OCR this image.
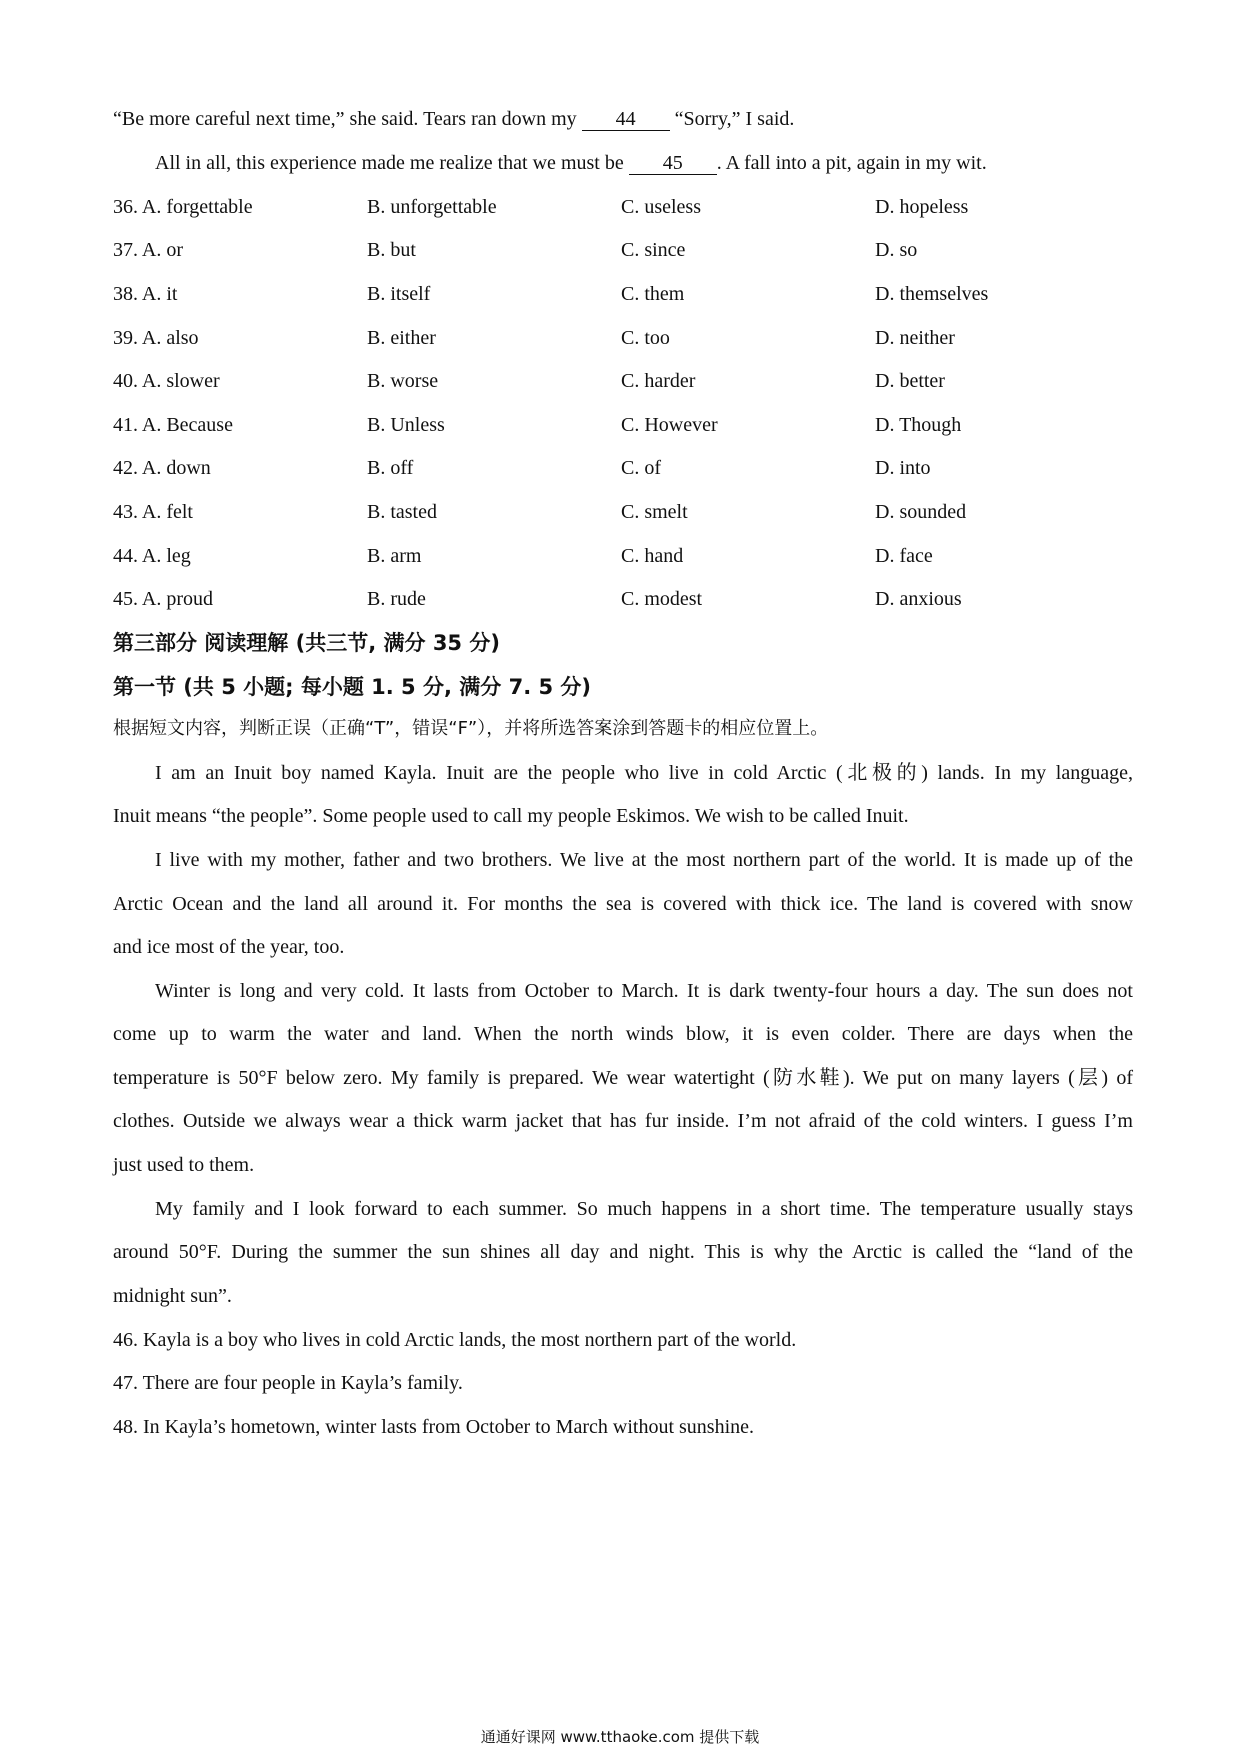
“Be more careful next time,” she said. Tears ran down my 44 “Sorry,” I said.
All in all, this experience made me realize that we must be 45 . A fall into a pit, again in my wit.
36. A. forgettable	B. unforgettable	C. useless	D. hopeless
37. A. or	B. but	C. since	D. so
38. A. it	B. itself	C. them	D. themselves
39. A. also	B. either	C. too	D. neither
40. A. slower	B. worse	C. harder	D. better
41. A. Because	B. Unless	C. However	D. Though
42. A. down	B. off	C. of	D. into
43. A. felt	B. tasted	C. smelt	D. sounded
44. A. leg	B. arm	C. hand	D. face
45. A. proud	B. rude	C. modest	D. anxious
第三部分 阅读理解 (共三节, 满分 35 分)
第一节 (共 5 小题; 每小题 1. 5 分, 满分 7. 5 分)
根据短文内容，判断正误（正确“T”，错误“F”），并将所选答案涂到答题卡的相应位置上。
I am an Inuit boy named Kayla. Inuit are the people who live in cold Arctic (北极的) lands. In my language,
Inuit means “the people”. Some people used to call my people Eskimos. We wish to be called Inuit.
I live with my mother, father and two brothers. We live at the most northern part of the world. It is made up of the
Arctic Ocean and the land all around it. For months the sea is covered with thick ice. The land is covered with snow
and ice most of the year, too.
Winter is long and very cold. It lasts from October to March. It is dark twenty-four hours a day. The sun does not
come up to warm the water and land. When the north winds blow, it is even colder. There are days when the
temperature is 50°F below zero. My family is prepared. We wear watertight (防水鞋). We put on many layers (层) of
clothes. Outside we always wear a thick warm jacket that has fur inside. I’m not afraid of the cold winters. I guess I’m
just used to them.
My family and I look forward to each summer. So much happens in a short time. The temperature usually stays
around 50°F. During the summer the sun shines all day and night. This is why the Arctic is called the “land of the
midnight sun”.
46. Kayla is a boy who lives in cold Arctic lands, the most northern part of the world.
47. There are four people in Kayla’s family.
48. In Kayla’s hometown, winter lasts from October to March without sunshine.
通通好课网 www.tthaoke.com 提供下载
